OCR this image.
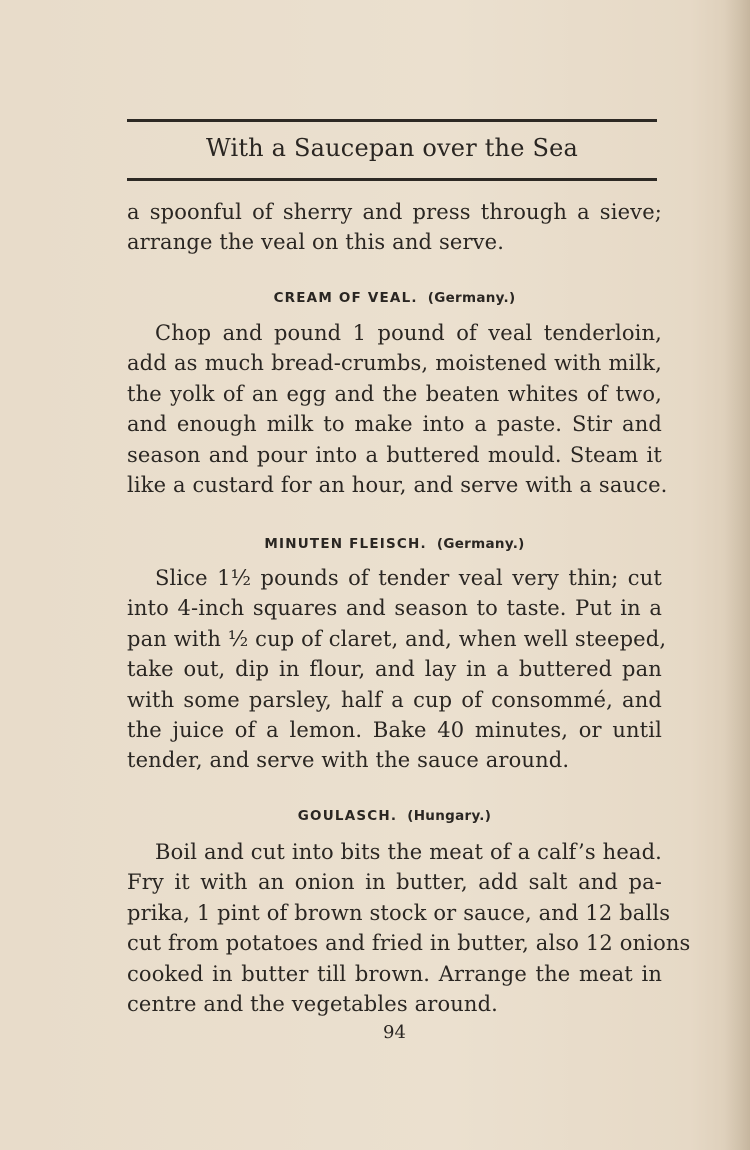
With a Saucepan over the Sea
a spoonful of sherry and press through a sieve;
arrange the veal on this and serve.
CREAM OF VEAL. (Germany.)
Chop and pound 1 pound of veal tenderloin,
add as much bread-crumbs, moistened with milk,
the yolk of an egg and the beaten whites of two,
and enough milk to make into a paste. Stir and
season and pour into a buttered mould. Steam it
like a custard for an hour, and serve with a sauce.
MINUTEN FLEISCH. (Germany.)
Slice 1½ pounds of tender veal very thin; cut
into 4-inch squares and season to taste. Put in a
pan with ½ cup of claret, and, when well steeped,
take out, dip in flour, and lay in a buttered pan
with some parsley, half a cup of consommé, and
the juice of a lemon. Bake 40 minutes, or until
tender, and serve with the sauce around.
GOULASCH. (Hungary.)
Boil and cut into bits the meat of a calf’s head.
Fry it with an onion in butter, add salt and pa-
prika, 1 pint of brown stock or sauce, and 12 balls
cut from potatoes and fried in butter, also 12 onions
cooked in butter till brown. Arrange the meat in
centre and the vegetables around.
94
